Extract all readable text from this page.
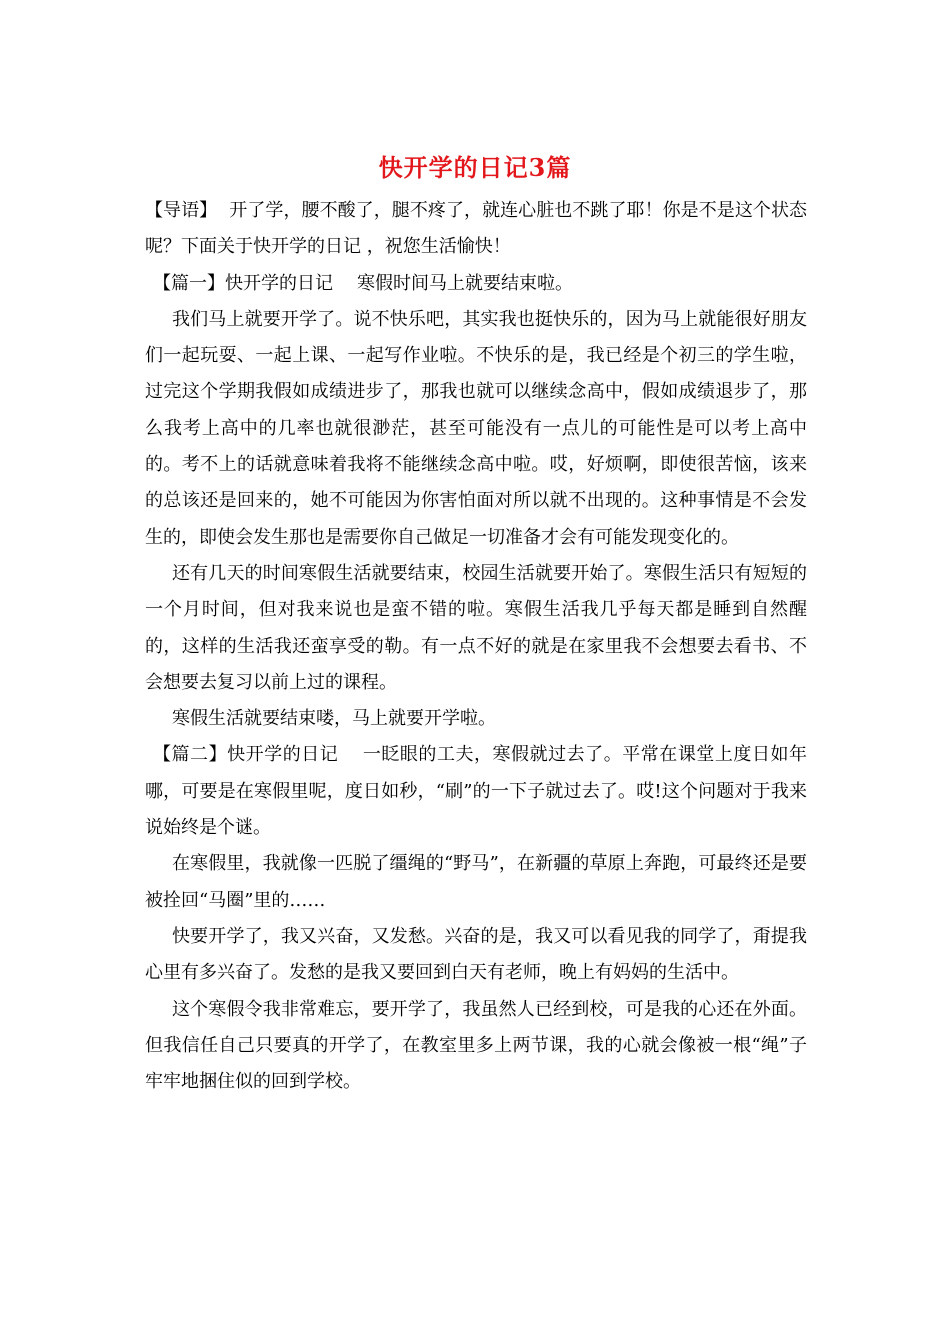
快开学的日记3篇

【导语】 开了学，腰不酸了，腿不疼了，就连心脏也不跳了耶！你是不是这个状态呢？下面关于快开学的日记 ，祝您生活愉快！

【篇一】快开学的日记 寒假时间马上就要结束啦。

我们马上就要开学了。说不快乐吧，其实我也挺快乐的，因为马上就能很好朋友们一起玩耍、一起上课、一起写作业啦。不快乐的是，我已经是个初三的学生啦，过完这个学期我假如成绩进步了，那我也就可以继续念高中，假如成绩退步了，那么我考上高中的几率也就很渺茫，甚至可能没有一点儿的可能性是可以考上高中的。考不上的话就意味着我将不能继续念高中啦。哎，好烦啊，即使很苦恼，该来的总该还是回来的，她不可能因为你害怕面对所以就不出现的。这种事情是不会发生的，即使会发生那也是需要你自己做足一切准备才会有可能发现变化的。

还有几天的时间寒假生活就要结束，校园生活就要开始了。寒假生活只有短短的一个月时间，但对我来说也是蛮不错的啦。寒假生活我几乎每天都是睡到自然醒的，这样的生活我还蛮享受的勒。有一点不好的就是在家里我不会想要去看书、不会想要去复习以前上过的课程。

寒假生活就要结束喽，马上就要开学啦。

【篇二】快开学的日记 一眨眼的工夫，寒假就过去了。平常在课堂上度日如年哪，可要是在寒假里呢，度日如秒，“刷”的一下子就过去了。哎!这个问题对于我来说始终是个谜。

在寒假里，我就像一匹脱了缰绳的“野马”，在新疆的草原上奔跑，可最终还是要被拴回“马圈”里的……

快要开学了，我又兴奋，又发愁。兴奋的是，我又可以看见我的同学了，甭提我心里有多兴奋了。发愁的是我又要回到白天有老师，晚上有妈妈的生活中。

这个寒假令我非常难忘，要开学了，我虽然人已经到校，可是我的心还在外面。但我信任自己只要真的开学了，在教室里多上两节课，我的心就会像被一根“绳”子牢牢地捆住似的回到学校。
